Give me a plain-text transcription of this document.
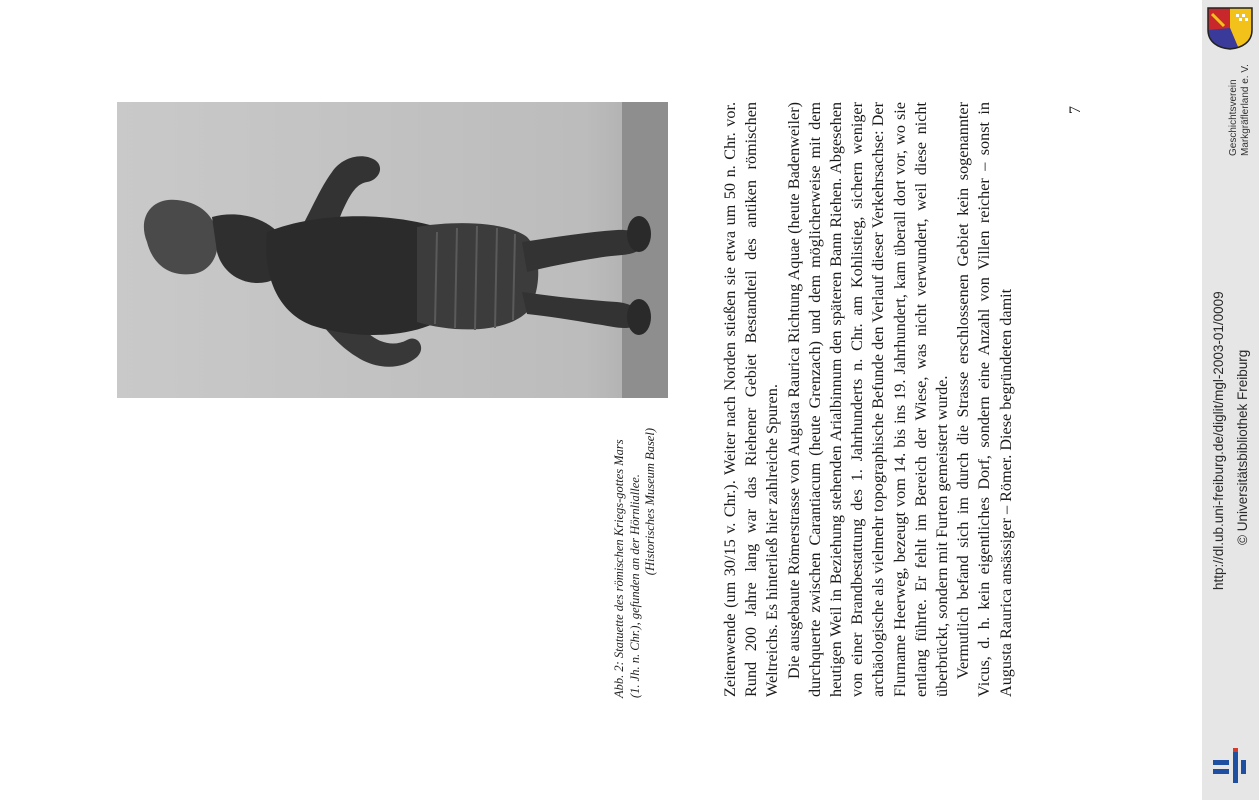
Abb. 2: Statuette des römischen Kriegs-gottes Mars (1. Jh. n. Chr.), gefunden an der Hörnliallee. (Historisches Museum Basel)	Zeitenwende (um 30/15 v. Chr.). Weiter nach Norden stießen sie etwa um 50 n. Chr. vor. Rund 200 Jahre lang war das Riehener Gebiet Bestandteil des antiken römischen Weltreichs. Es hinterließ hier zahlreiche Spuren. Die ausgebaute Römerstrasse von Augusta Raurica Richtung Aquae (heute Badenweiler) durchquerte zwischen Carantiacum (heute Grenzach) und dem möglicherweise mit dem heutigen Weil in Beziehung stehenden Arialbinnum den späteren Bann Riehen. Abgesehen von einer Brandbestattung des 1. Jahrhunderts n. Chr. am Kohlistieg, sichern weniger archäologische als vielmehr topographische Befunde den Verlauf dieser Verkehrsachse: Der Flurname Heerweg, bezeugt vom 14. bis ins 19. Jahrhundert, kam überall dort vor, wo sie entlang führte. Er fehlt im Bereich der Wiese, was nicht verwundert, weil diese nicht überbrückt, sondern mit Furten gemeistert wurde. Vermutlich befand sich im durch die Strasse erschlossenen Gebiet kein sogenannter Vicus, d. h. kein eigentliches Dorf, sondern eine Anzahl von Villen reicher – sonst in Augusta Raurica ansässiger – Römer. Diese begründeten damit

7
http://dl.ub.uni-freiburg.de/diglit/mgl-2003-01/0009 © Universitätsbibliothek Freiburg
Geschichtsverein Markgräflerland e. V.
